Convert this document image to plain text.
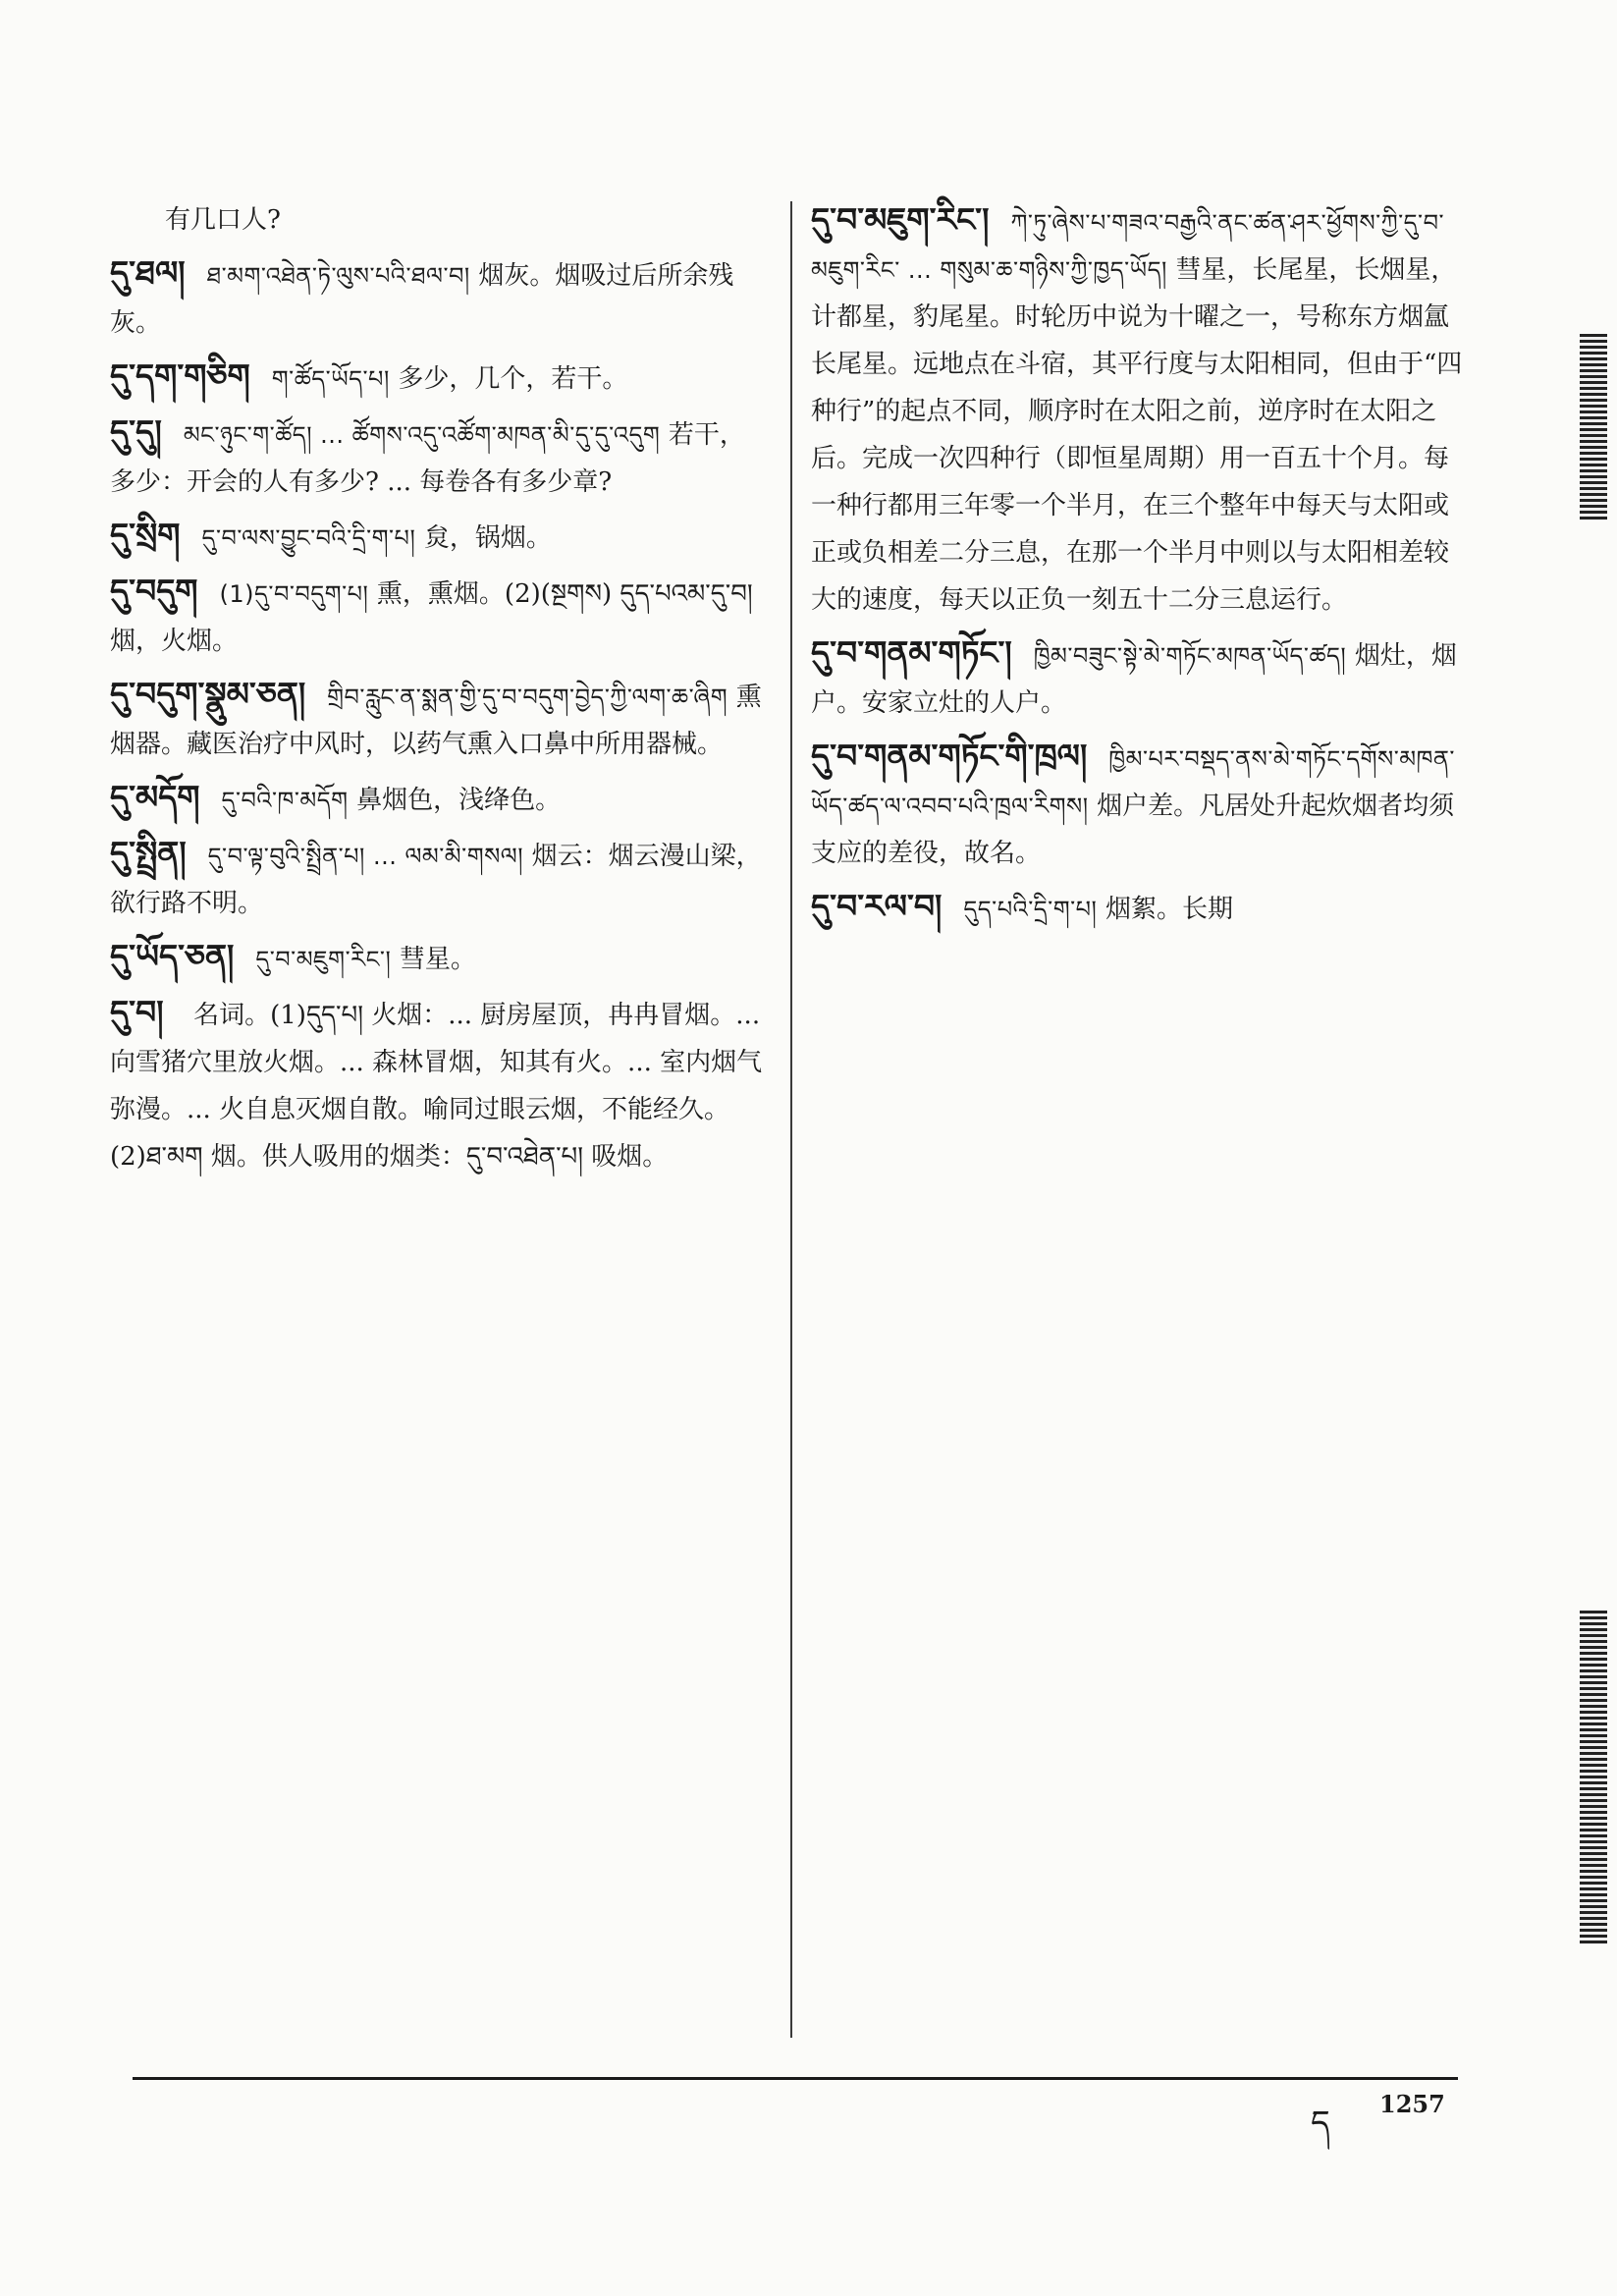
有几口人?
དུ་ཐལ། ཐ་མག་འཐེན་ཏེ་ལུས་པའི་ཐལ་བ། 烟灰。烟吸过后所余残灰。
དུ་དག་གཅིག ག་ཚོད་ཡོད་པ། 多少，几个，若干。
དུ་དུ། མང་ཉུང་ག་ཚོད། ... ཚོགས་འདུ་འཚོག་མཁན་མི་དུ་དུ་འདུག 若干，多少：开会的人有多少? ... 每卷各有多少章?
དུ་སྲིག དུ་བ་ལས་བྱུང་བའི་དྲི་ག་པ། 炱，锅烟。
དུ་བདུག (1)དུ་བ་བདུག་པ། 熏，熏烟。(2)(སྔགས) དུད་པའམ་དུ་བ། 烟，火烟。
དུ་བདུག་སྣུམ་ཅན། གྲིབ་རླུང་ན་སྨན་གྱི་དུ་བ་བདུག་བྱེད་ཀྱི་ལག་ཆ་ཞིག 熏烟器。藏医治疗中风时，以药气熏入口鼻中所用器械。
དུ་མདོག དུ་བའི་ཁ་མདོག 鼻烟色，浅绛色。
དུ་སྤྲིན། དུ་བ་ལྟ་བུའི་སྤྲིན་པ། ... ལམ་མི་གསལ། 烟云：烟云漫山梁，欲行路不明。
དུ་ཡོད་ཅན། དུ་བ་མཇུག་རིང་། 彗星。
དུ་བ། 名词。(1)དུད་པ། 火烟：... 厨房屋顶，冉冉冒烟。... 向雪猪穴里放火烟。... 森林冒烟，知其有火。... 室内烟气弥漫。... 火自息灭烟自散。喻同过眼云烟，不能经久。(2)ཐ་མག 烟。供人吸用的烟类：དུ་བ་འཐེན་པ། 吸烟。
དུ་བ་མཇུག་རིང་། ཀེ་ཏུ་ཞེས་པ་གཟའ་བརྒྱའི་ནང་ཚན་ཤར་ཕྱོགས་ཀྱི་དུ་བ་མཇུག་རིང་ ... གསུམ་ཆ་གཉིས་ཀྱི་ཁྱད་ཡོད། 彗星，长尾星，长烟星，计都星，豹尾星。时轮历中说为十曜之一，号称东方烟氲长尾星。远地点在斗宿，其平行度与太阳相同，但由于“四种行”的起点不同，顺序时在太阳之前，逆序时在太阳之后。完成一次四种行（即恒星周期）用一百五十个月。每一种行都用三年零一个半月，在三个整年中每天与太阳或正或负相差二分三息，在那一个半月中则以与太阳相差较大的速度，每天以正负一刻五十二分三息运行。
དུ་བ་གནམ་གཏོང་། ཁྱིམ་བཟུང་སྟེ་མེ་གཏོང་མཁན་ཡོད་ཚད། 烟灶，烟户。安家立灶的人户。
དུ་བ་གནམ་གཏོང་གི་ཁྲལ། ཁྱིམ་པར་བསྡད་ནས་མེ་གཏོང་དགོས་མཁན་ཡོད་ཚད་ལ་འབབ་པའི་ཁྲལ་རིགས། 烟户差。凡居处升起炊烟者均须支应的差役，故名。
དུ་བ་རལ་བ། དུད་པའི་དྲི་ག་པ། 烟絮。长期
ད 1257
